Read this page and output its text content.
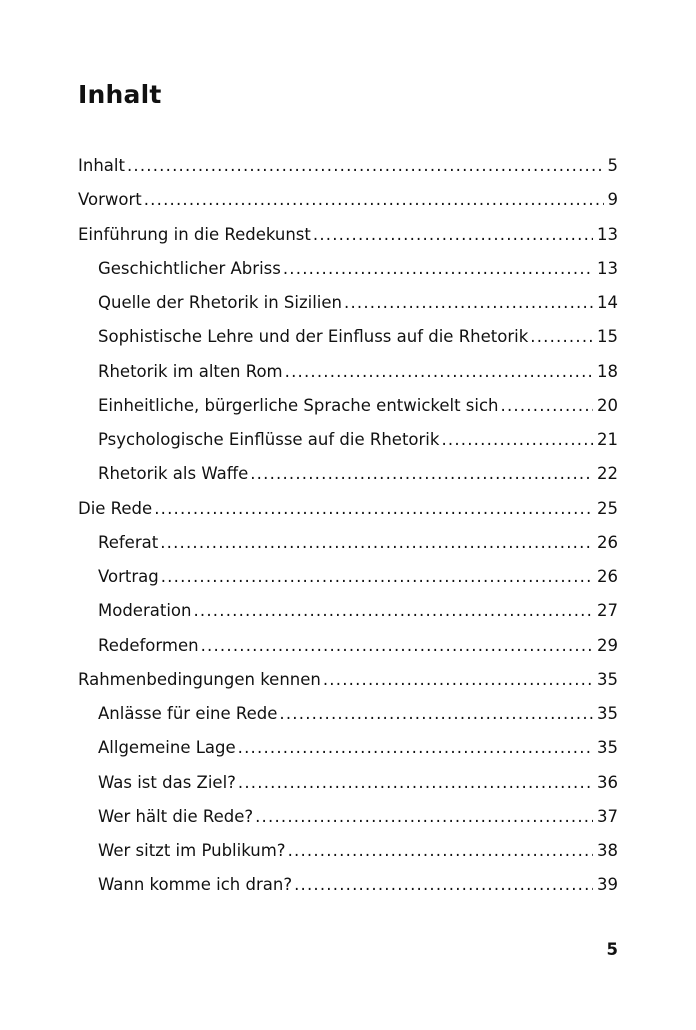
Inhalt
Inhalt .....	5
Vorwort .....	9
Einführung in die Redekunst .....	13
Geschichtlicher Abriss .....	13
Quelle der Rhetorik in Sizilien .....	14
Sophistische Lehre und der Einfluss auf die Rhetorik .....	15
Rhetorik im alten Rom .....	18
Einheitliche, bürgerliche Sprache entwickelt sich .....	20
Psychologische Einflüsse auf die Rhetorik .....	21
Rhetorik als Waffe .....	22
Die Rede .....	25
Referat .....	26
Vortrag .....	26
Moderation .....	27
Redeformen .....	29
Rahmenbedingungen kennen .....	35
Anlässe für eine Rede .....	35
Allgemeine Lage .....	35
Was ist das Ziel? .....	36
Wer hält die Rede? .....	37
Wer sitzt im Publikum? .....	38
Wann komme ich dran? .....	39
5
